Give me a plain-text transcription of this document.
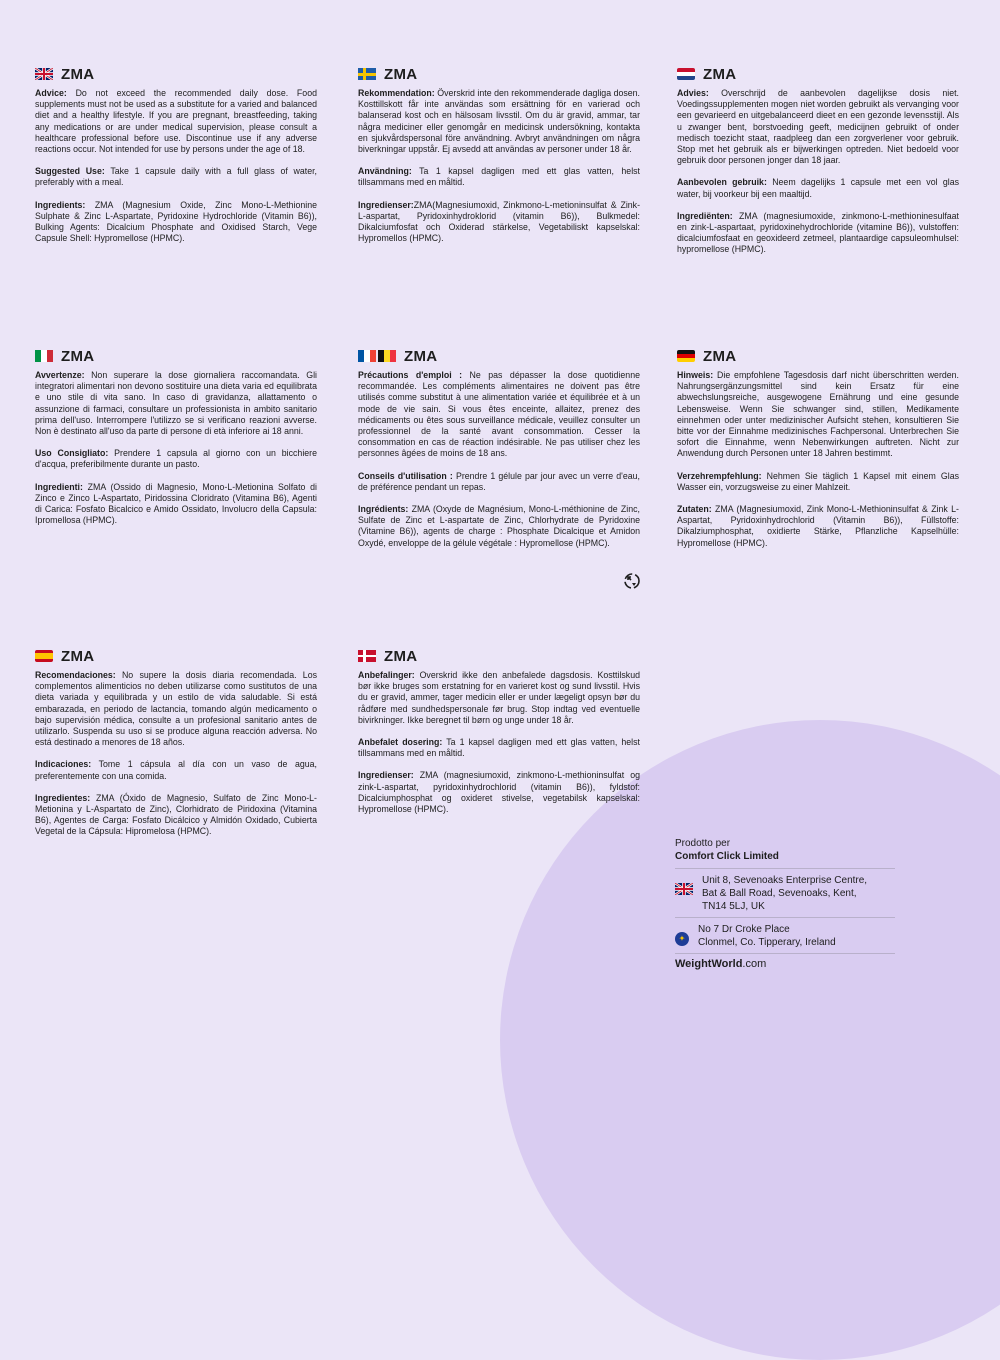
ZMA

Advice: Do not exceed the recommended daily dose. Food supplements must not be used as a substitute for a varied and balanced diet and a healthy lifestyle. If you are pregnant, breastfeeding, taking any medications or are under medical supervision, please consult a healthcare professional before use. Discontinue use if any adverse reactions occur. Not intended for use by persons under the age of 18.

Suggested Use: Take 1 capsule daily with a full glass of water, preferably with a meal.

Ingredients: ZMA (Magnesium Oxide, Zinc Mono-L-Methionine Sulphate & Zinc L-Aspartate, Pyridoxine Hydrochloride (Vitamin B6)), Bulking Agents: Dicalcium Phosphate and Oxidised Starch, Vege Capsule Shell: Hypromellose (HPMC).

ZMA

Rekommendation: Överskrid inte den rekommenderade dagliga dosen. Kosttillskott får inte användas som ersättning för en varierad och balanserad kost och en hälsosam livsstil. Om du är gravid, ammar, tar några mediciner eller genomgår en medicinsk undersökning, kontakta en sjukvårdspersonal före användning. Avbryt användningen om några biverkningar uppstår. Ej avsedd att användas av personer under 18 år.

Användning: Ta 1 kapsel dagligen med ett glas vatten, helst tillsammans med en måltid.

Ingredienser:ZMA(Magnesiumoxid, Zinkmono-L-metioninsulfat & Zink-L-aspartat, Pyridoxinhydroklorid (vitamin B6)), Bulkmedel: Dikalciumfosfat och Oxiderad stärkelse, Vegetabiliskt kapselskal: Hypromellos (HPMC).

ZMA

Advies: Overschrijd de aanbevolen dagelijkse dosis niet. Voedingssupplementen mogen niet worden gebruikt als vervanging voor een gevarieerd en uitgebalanceerd dieet en een gezonde levensstijl. Als u zwanger bent, borstvoeding geeft, medicijnen gebruikt of onder medisch toezicht staat, raadpleeg dan een zorgverlener voor gebruik. Stop met het gebruik als er bijwerkingen optreden. Niet bedoeld voor gebruik door personen jonger dan 18 jaar.

Aanbevolen gebruik: Neem dagelijks 1 capsule met een vol glas water, bij voorkeur bij een maaltijd.

Ingrediënten: ZMA (magnesiumoxide, zinkmono-L-methioninesulfaat en zink-L-aspartaat, pyridoxinehydrochloride (vitamine B6)), vulstoffen: dicalciumfosfaat en geoxideerd zetmeel, plantaardige capsuleomhulsel: hypromellose (HPMC).

ZMA

Avvertenze: Non superare la dose giornaliera raccomandata. Gli integratori alimentari non devono sostituire una dieta varia ed equilibrata e uno stile di vita sano. In caso di gravidanza, allattamento o assunzione di farmaci, consultare un professionista in ambito sanitario prima dell'uso. Interrompere l'utilizzo se si verificano reazioni avverse. Non è destinato all'uso da parte di persone di età inferiore ai 18 anni.

Uso Consigliato: Prendere 1 capsula al giorno con un bicchiere d'acqua, preferibilmente durante un pasto.

Ingredienti: ZMA (Ossido di Magnesio, Mono-L-Metionina Solfato di Zinco e Zinco L-Aspartato, Piridossina Cloridrato (Vitamina B6), Agenti di Carica: Fosfato Bicalcico e Amido Ossidato, Involucro della Capsula: Ipromellosa (HPMC).

ZMA

Précautions d'emploi : Ne pas dépasser la dose quotidienne recommandée. Les compléments alimentaires ne doivent pas être utilisés comme substitut à une alimentation variée et équilibrée et à un mode de vie sain. Si vous êtes enceinte, allaitez, prenez des médicaments ou êtes sous surveillance médicale, veuillez consulter un professionnel de la santé avant consommation. Cesser la consommation en cas de réaction indésirable. Ne pas utiliser chez les personnes âgées de moins de 18 ans.

Conseils d'utilisation : Prendre 1 gélule par jour avec un verre d'eau, de préférence pendant un repas.

Ingrédients: ZMA (Oxyde de Magnésium, Mono-L-méthionine de Zinc, Sulfate de Zinc et L-aspartate de Zinc, Chlorhydrate de Pyridoxine (Vitamine B6)), agents de charge : Phosphate Dicalcique et Amidon Oxydé, enveloppe de la gélule végétale : Hypromellose (HPMC).

ZMA

Hinweis: Die empfohlene Tagesdosis darf nicht überschritten werden. Nahrungsergänzungsmittel sind kein Ersatz für eine abwechslungsreiche, ausgewogene Ernährung und eine gesunde Lebensweise. Wenn Sie schwanger sind, stillen, Medikamente einnehmen oder unter medizinischer Aufsicht stehen, konsultieren Sie bitte vor der Einnahme medizinisches Fachpersonal. Unterbrechen Sie sofort die Einnahme, wenn Nebenwirkungen auftreten. Nicht zur Anwendung durch Personen unter 18 Jahren bestimmt.

Verzehrempfehlung: Nehmen Sie täglich 1 Kapsel mit einem Glas Wasser ein, vorzugsweise zu einer Mahlzeit.

Zutaten: ZMA (Magnesiumoxid, Zink Mono-L-Methioninsulfat & Zink L-Aspartat, Pyridoxinhydrochlorid (Vitamin B6)), Füllstoffe: Dikalziumphosphat, oxidierte Stärke, Pflanzliche Kapselhülle: Hypromellose (HPMC).

ZMA

Recomendaciones: No supere la dosis diaria recomendada. Los complementos alimenticios no deben utilizarse como sustitutos de una dieta variada y equilibrada y un estilo de vida saludable. Si está embarazada, en periodo de lactancia, tomando algún medicamento o bajo supervisión médica, consulte a un profesional sanitario antes de utilizarlo. Suspenda su uso si se produce alguna reacción adversa. No está destinado a menores de 18 años.

Indicaciones: Tome 1 cápsula al día con un vaso de agua, preferentemente con una comida.

Ingredientes: ZMA (Óxido de Magnesio, Sulfato de Zinc Mono-L-Metionina y L-Aspartato de Zinc), Clorhidrato de Piridoxina (Vitamina B6), Agentes de Carga: Fosfato Dicálcico y Almidón Oxidado, Cubierta Vegetal de la Cápsula: Hipromelosa (HPMC).

ZMA

Anbefalinger: Overskrid ikke den anbefalede dagsdosis. Kosttilskud bør ikke bruges som erstatning for en varieret kost og sund livsstil. Hvis du er gravid, ammer, tager medicin eller er under lægeligt opsyn bør du rådføre med sundhedspersonale før brug. Stop indtag ved eventuelle bivirkninger. Ikke beregnet til børn og unge under 18 år.

Anbefalet dosering: Ta 1 kapsel dagligen med ett glas vatten, helst tillsammans med en måltid.

Ingredienser: ZMA (magnesiumoxid, zinkmono-L-methioninsulfat og zink-L-aspartat, pyridoxinhydrochlorid (vitamin B6)), fyldstof: Dicalciumphosphat og oxideret stivelse, vegetabilsk kapselskal: Hypromellose (HPMC).

Prodotto per
Comfort Click Limited
Unit 8, Sevenoaks Enterprise Centre,
Bat & Ball Road, Sevenoaks, Kent,
TN14 5LJ, UK
✦
No 7 Dr Croke Place
Clonmel, Co. Tipperary, Ireland
WeightWorld.com
